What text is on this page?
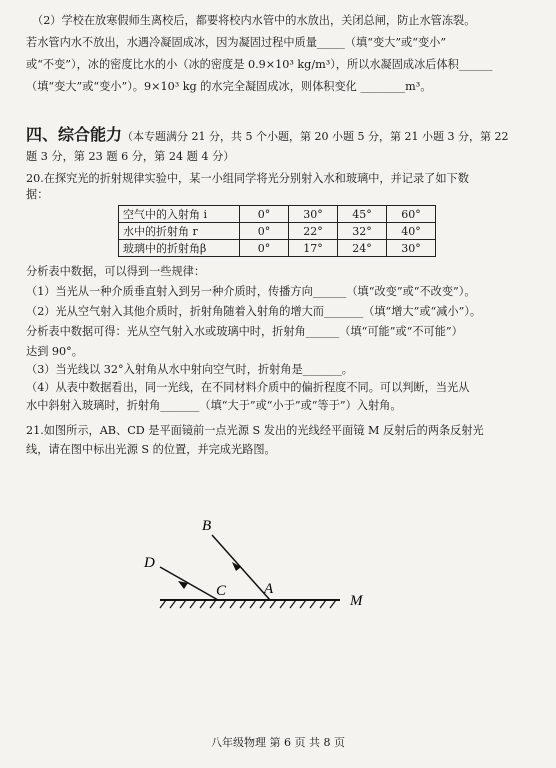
（2）学校在放寒假师生离校后，都要将校内水管中的水放出，关闭总闸，防止水管冻裂。
若水管内水不放出，水遇冷凝固成冰，因为凝固过程中质量_____（填“变大”或“变小”
或“不变”），冰的密度比水的小（冰的密度是 0.9×10³ kg/m³），所以水凝固成冰后体积______
（填“变大”或“变小”）。9×10³ kg 的水完全凝固成冰，则体积变化 ________m³。
四、综合能力（本专题满分 21 分，共 5 个小题，第 20 小题 5 分，第 21 小题 3 分，第 22
题 3 分，第 23 题 6 分，第 24 题 4 分）
20.在探究光的折射规律实验中，某一小组同学将光分别射入水和玻璃中，并记录了如下数
据：
空气中的入射角 i	0°	30°	45°	60°
水中的折射角 r	0°	22°	32°	40°
玻璃中的折射角β	0°	17°	24°	30°
分析表中数据，可以得到一些规律：
（1）当光从一种介质垂直射入到另一种介质时，传播方向______（填“改变”或“不改变”）。
（2）光从空气射入其他介质时，折射角随着入射角的增大而_______（填“增大”或“减小”）。
分析表中数据可得：光从空气射入水或玻璃中时，折射角______（填“可能”或“不可能”）
达到 90°。
（3）当光线以 32°入射角从水中射向空气时，折射角是_______。
（4）从表中数据看出，同一光线，在不同材料介质中的偏折程度不同。可以判断，当光从
水中斜射入玻璃时，折射角_______（填“大于”或“小于”或“等于”）入射角。
21.如图所示，AB、CD 是平面镜前一点光源 S 发出的光线经平面镜 M 反射后的两条反射光
线，请在图中标出光源 S 的位置，并完成光路图。
B
D
C	A
M
八年级物理 第 6 页 共 8 页
